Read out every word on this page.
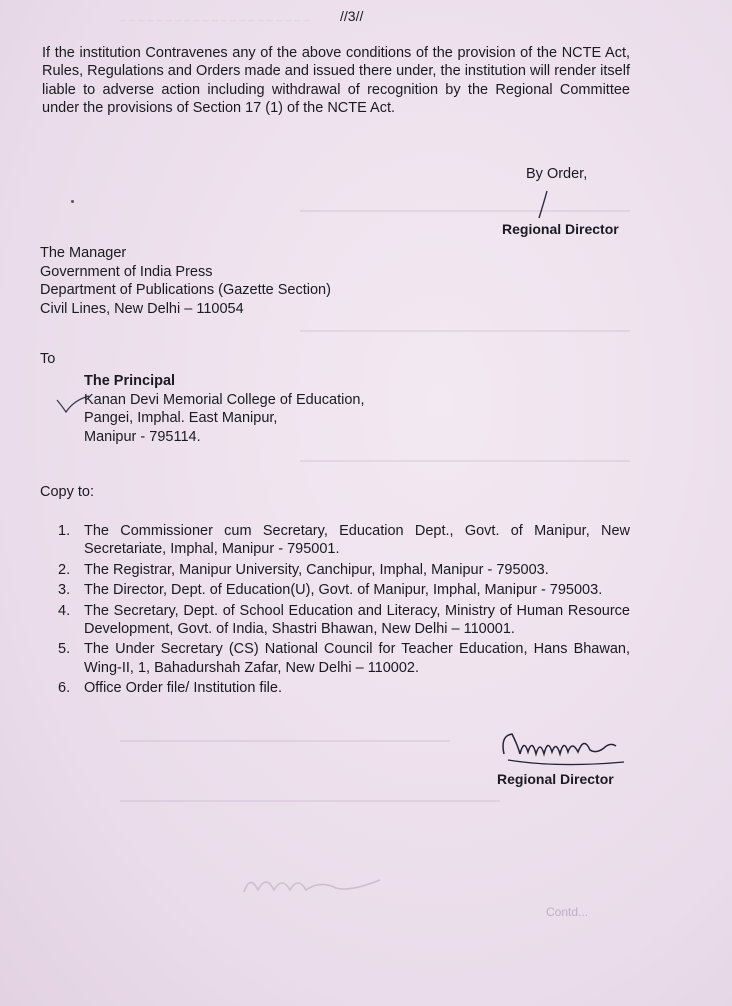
_ _ _ _ _ _ _ _ _ _ _ _ _ _ _ _ _ _ _ _ _ //3//

If the institution Contravenes any of the above conditions of the provision of the NCTE Act, Rules, Regulations and Orders made and issued there under, the institution will render itself liable to adverse action including withdrawal of recognition by the Regional Committee under the provisions of Section 17 (1) of the NCTE Act.

By Order,
Regional Director
The Manager
Government of India Press
Department of Publications (Gazette Section)
Civil Lines, New Delhi – 110054
To
The Principal
Kanan Devi Memorial College of Education,
Pangei, Imphal. East Manipur,
Manipur - 795114.
Copy to:
1. The Commissioner cum Secretary, Education Dept., Govt. of Manipur, New Secretariate, Imphal, Manipur - 795001.
2. The Registrar, Manipur University, Canchipur, Imphal, Manipur - 795003.
3. The Director, Dept. of Education(U), Govt. of Manipur, Imphal, Manipur - 795003.
4. The Secretary, Dept. of School Education and Literacy, Ministry of Human Resource Development, Govt. of India, Shastri Bhawan, New Delhi – 110001.
5. The Under Secretary (CS) National Council for Teacher Education, Hans Bhawan, Wing-II, 1, Bahadurshah Zafar, New Delhi – 110002.
6. Office Order file/ Institution file.
Regional Director
Contd...
